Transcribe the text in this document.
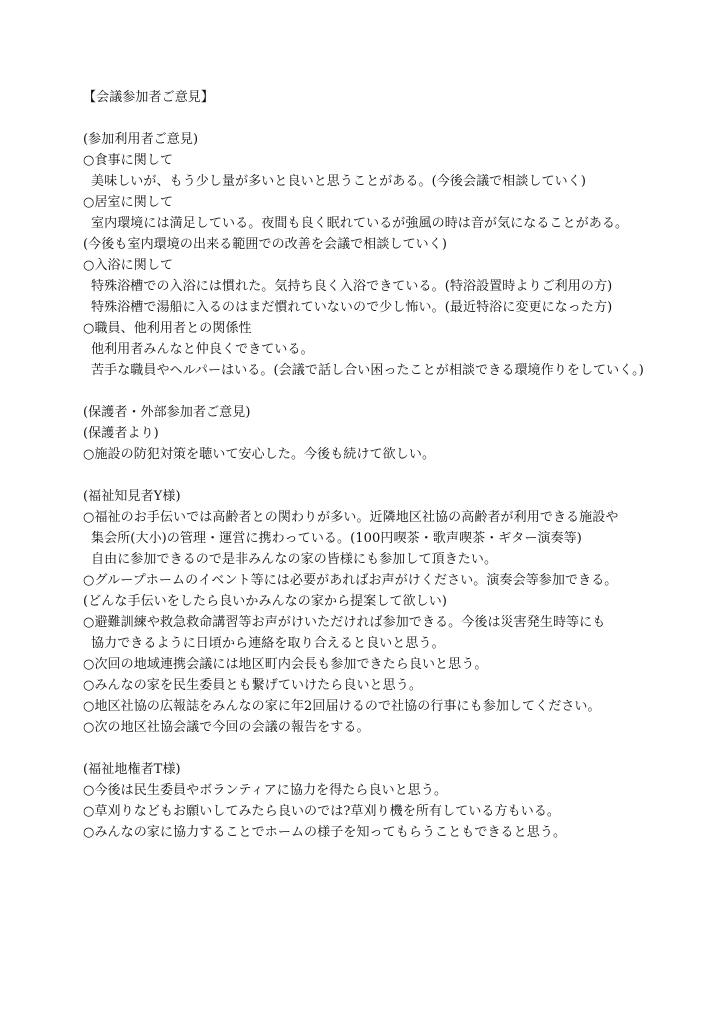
【会議参加者ご意見】
(参加利用者ご意見)
○食事に関して
美味しいが、もう少し量が多いと良いと思うことがある。(今後会議で相談していく)
○居室に関して
室内環境には満足している。夜間も良く眠れているが強風の時は音が気になることがある。
(今後も室内環境の出来る範囲での改善を会議で相談していく)
○入浴に関して
特殊浴槽での入浴には慣れた。気持ち良く入浴できている。(特浴設置時よりご利用の方)
特殊浴槽で湯船に入るのはまだ慣れていないので少し怖い。(最近特浴に変更になった方)
○職員、他利用者との関係性
他利用者みんなと仲良くできている。
苦手な職員やヘルパーはいる。(会議で話し合い困ったことが相談できる環境作りをしていく。)
(保護者・外部参加者ご意見)
(保護者より)
○施設の防犯対策を聴いて安心した。今後も続けて欲しい。
(福祉知見者Y様)
○福祉のお手伝いでは高齢者との関わりが多い。近隣地区社協の高齢者が利用できる施設や
集会所(大小)の管理・運営に携わっている。(100円喫茶・歌声喫茶・ギター演奏等)
自由に参加できるので是非みんなの家の皆様にも参加して頂きたい。
○グループホームのイベント等には必要があればお声がけください。演奏会等参加できる。
(どんな手伝いをしたら良いかみんなの家から提案して欲しい)
○避難訓練や救急救命講習等お声がけいただければ参加できる。今後は災害発生時等にも
協力できるように日頃から連絡を取り合えると良いと思う。
○次回の地域連携会議には地区町内会長も参加できたら良いと思う。
○みんなの家を民生委員とも繋げていけたら良いと思う。
○地区社協の広報誌をみんなの家に年2回届けるので社協の行事にも参加してください。
○次の地区社協会議で今回の会議の報告をする。
(福祉地権者T様)
○今後は民生委員やボランティアに協力を得たら良いと思う。
○草刈りなどもお願いしてみたら良いのでは?草刈り機を所有している方もいる。
○みんなの家に協力することでホームの様子を知ってもらうこともできると思う。
